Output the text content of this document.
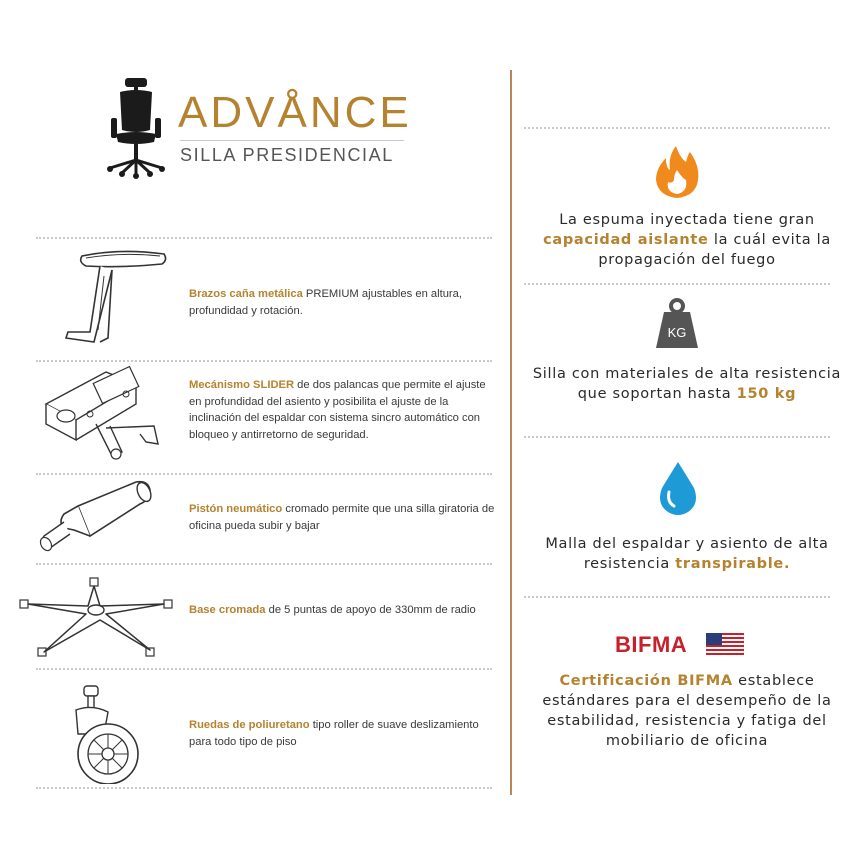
ADVÅNCE
SILLA PRESIDENCIAL
Brazos caña metálica PREMIUM ajustables en altura, profundidad y rotación.
Mecánismo SLIDER de dos palancas que permite el ajuste en profundidad del asiento y posibilita el ajuste de la inclinación del espaldar con sistema sincro automático con bloqueo y antirretorno de seguridad.
Pistón neumático cromado permite que una silla giratoria de oficina pueda subir y bajar
Base cromada de 5 puntas de apoyo de 330mm de radio
Ruedas de poliuretano tipo roller de suave deslizamiento para todo tipo de piso
La espuma inyectada tiene gran capacidad aislante la cuál evita la propagación del fuego
KG
Silla con materiales de alta resistencia que soportan hasta 150 kg
Malla del espaldar y asiento de alta resistencia transpirable.
BIFMA
Certificación BIFMA establece estándares para el desempeño de la estabilidad, resistencia y fatiga del mobiliario de oficina
